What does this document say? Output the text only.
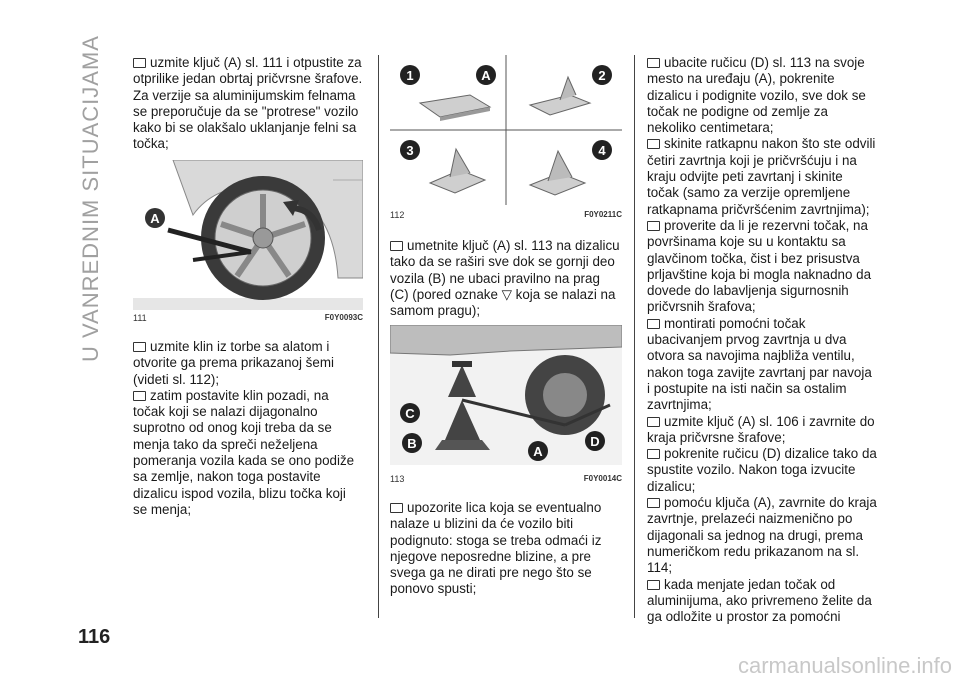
U VANREDNIM SITUACIJAMA
116

uzmite ključ (A) sl. 111 i otpustite za otprilike jedan obrtaj pričvrsne šrafove. Za verzije sa aluminijumskim felnama se preporučuje da se "protrese" vozilo kako bi se olakšalo uklanjanje felni sa točka;

A
111	F0Y0093C

uzmite klin iz torbe sa alatom i otvorite ga prema prikazanoj šemi (videti sl. 112);

zatim postavite klin pozadi, na točak koji se nalazi dijagonalno suprotno od onog koji treba da se menja tako da spreči neželjena pomeranja vozila kada se ono podiže sa zemlje, nakon toga postavite dizalicu ispod vozila, blizu točka koji se menja;

1	A	2
3	4
112	F0Y0211C

umetnite ključ (A) sl. 113 na dizalicu tako da se raširi sve dok se gornji deo vozila (B) ne ubaci pravilno na prag (C) (pored oznake ▽ koja se nalazi na samom pragu);

C
B
A
D
113	F0Y0014C

upozorite lica koja se eventualno nalaze u blizini da će vozilo biti podignuto: stoga se treba odmaći iz njegove neposredne blizine, a pre svega ga ne dirati pre nego što se ponovo spusti;

ubacite ručicu (D) sl. 113 na svoje mesto na uređaju (A), pokrenite dizalicu i podignite vozilo, sve dok se točak ne podigne od zemlje za nekoliko centimetara;

skinite ratkapnu nakon što ste odvili četiri zavrtnja koji je pričvršćuju i na kraju odvijte peti zavrtanj i skinite točak (samo za verzije opremljene ratkapnama pričvršćenim zavrtnjima);

proverite da li je rezervni točak, na površinama koje su u kontaktu sa glavčinom točka, čist i bez prisustva prljavštine koja bi mogla naknadno da dovede do labavljenja sigurnosnih pričvrsnih šrafova;

montirati pomoćni točak ubacivanjem prvog zavrtnja u dva otvora sa navojima najbliža ventilu, nakon toga zavijte zavrtanj par navoja i postupite na isti način sa ostalim zavrtnjima;

uzmite ključ (A) sl. 106 i zavrnite do kraja pričvrsne šrafove;

pokrenite ručicu (D) dizalice tako da spustite vozilo. Nakon toga izvucite dizalicu;

pomoću ključa (A), zavrnite do kraja zavrtnje, prelazeći naizmenično po dijagonali sa jednog na drugi, prema numeričkom redu prikazanom na sl. 114;

kada menjate jedan točak od aluminijuma, ako privremeno želite da ga odložite u prostor za pomoćni

carmanualsonline.info
